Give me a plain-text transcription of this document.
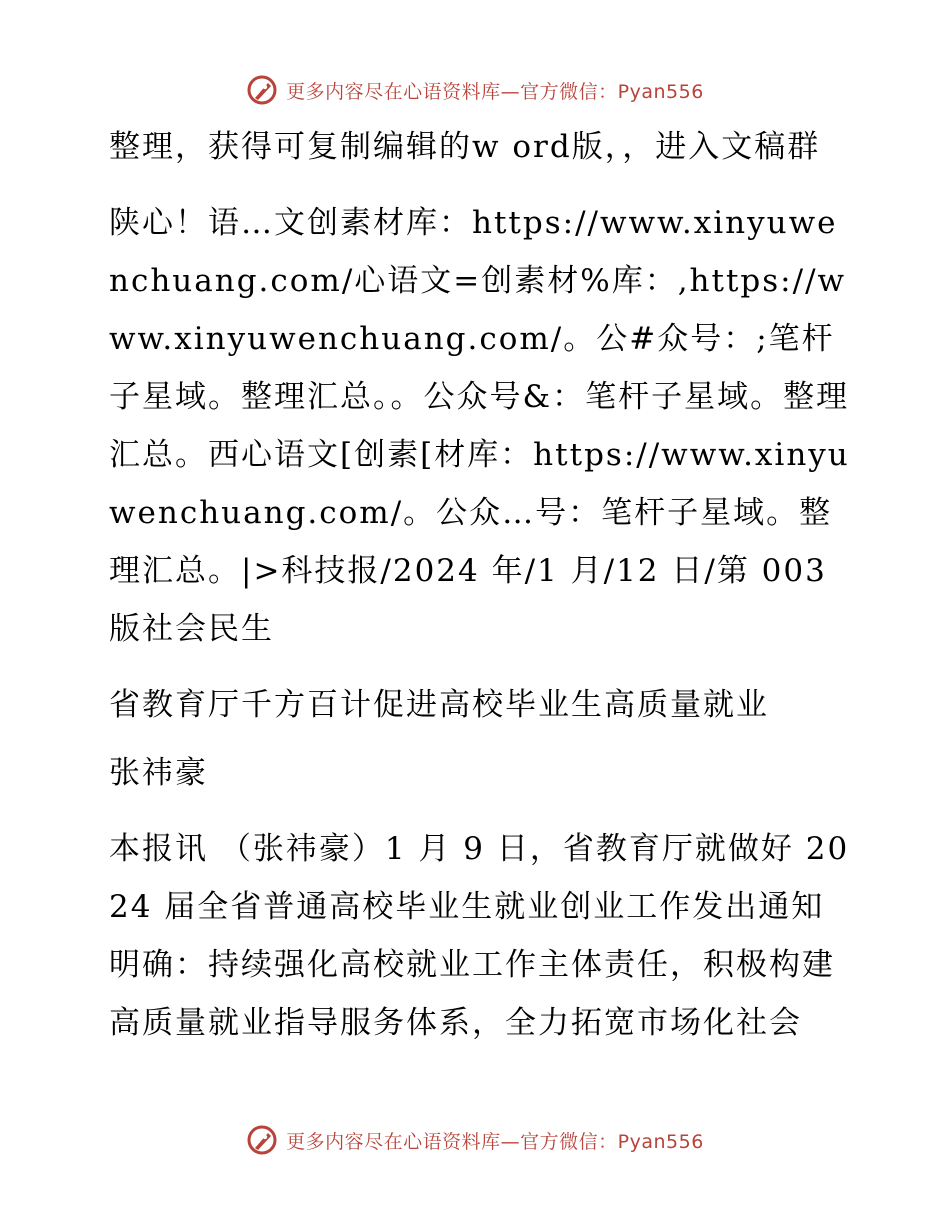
更多内容尽在心语资料库—官方微信：Pyan556

整理，获得可复制编辑的w ord版，，进入文稿群

陕心！语…文创素材库：https://www.xinyuwenchuang.com/心语文=创素材%库：,https://www.xinyuwenchuang.com/。公#众号：;笔杆子星域。整理汇总。。公众号&：笔杆子星域。整理汇总。西心语文[创素[材库：https://www.xinyuwenchuang.com/。公众…号：笔杆子星域。整理汇总。|>科技报/2024 年/1 月/12 日/第 003 版社会民生

省教育厅千方百计促进高校毕业生高质量就业

张祎豪

本报讯 （张祎豪）1 月 9 日，省教育厅就做好 2024 届全省普通高校毕业生就业创业工作发出通知明确：持续强化高校就业工作主体责任，积极构建高质量就业指导服务体系，全力拓宽市场化社会

更多内容尽在心语资料库—官方微信：Pyan556
